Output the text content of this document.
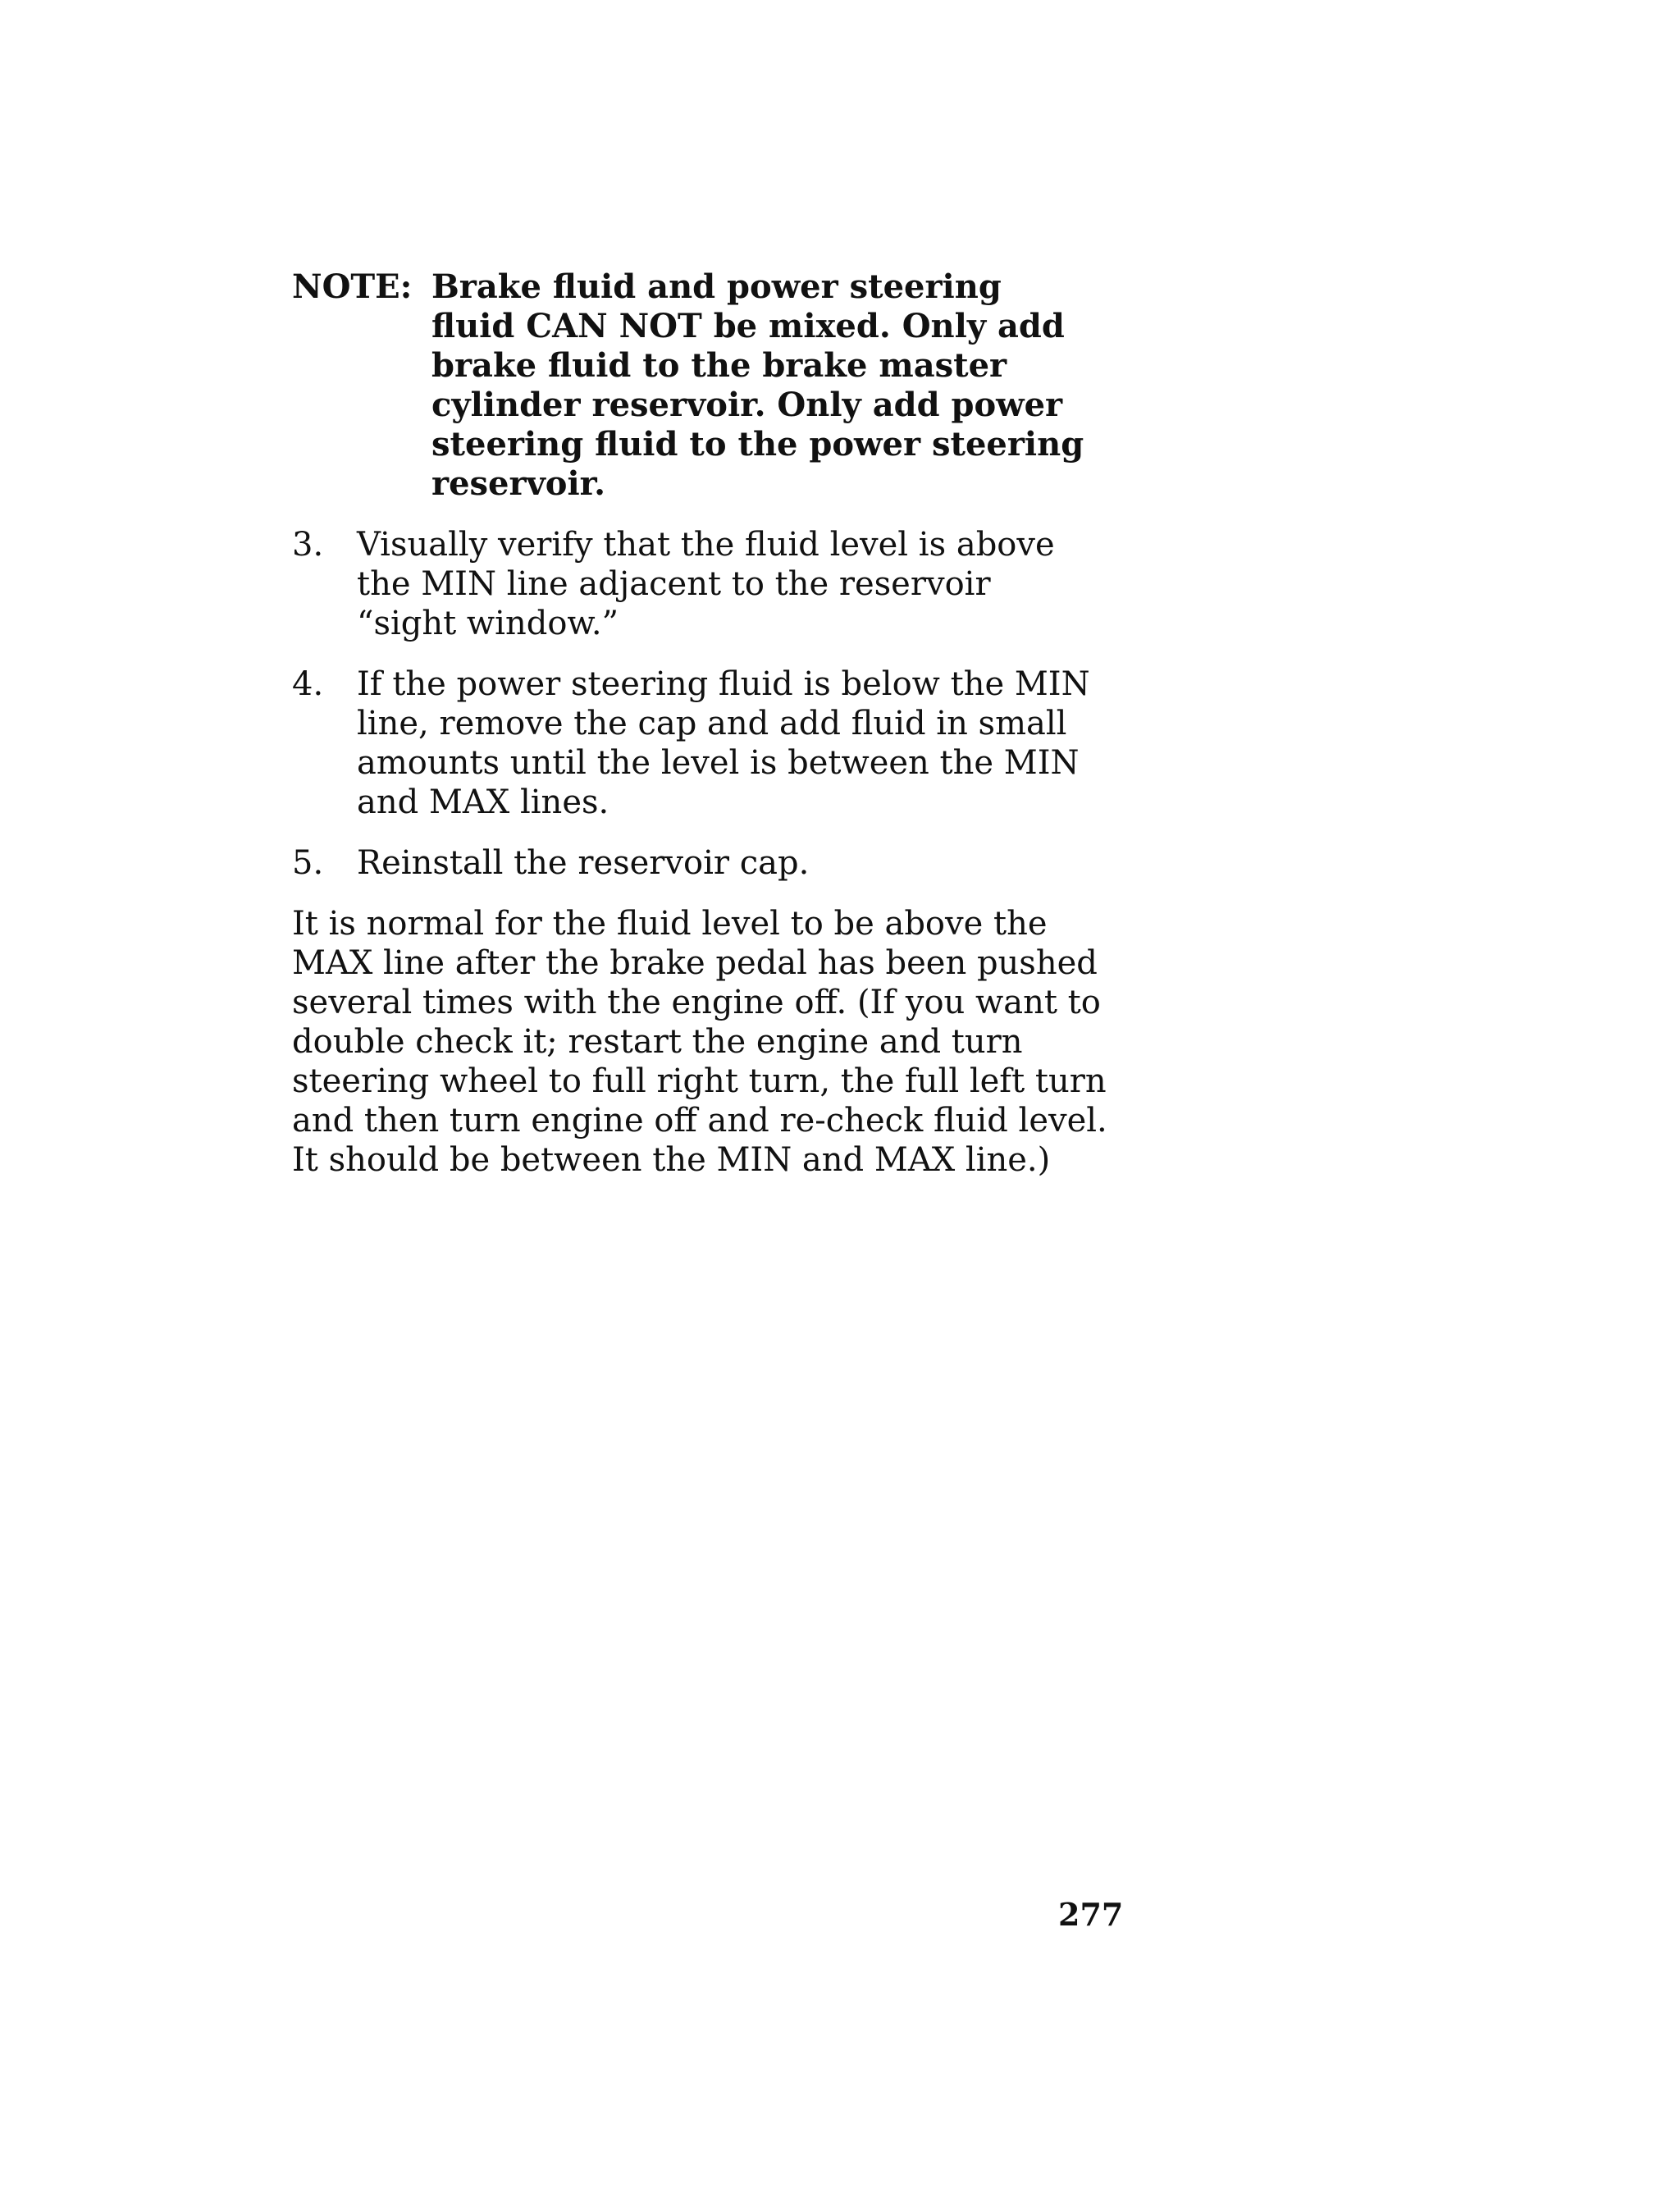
NOTE: Brake fluid and power steering fluid CAN NOT be mixed. Only add brake fluid to the brake master cylinder reservoir. Only add power steering fluid to the power steering reservoir.
3.	Visually verify that the fluid level is above the MIN line adjacent to the reservoir “sight window.”
4.	If the power steering fluid is below the MIN line, remove the cap and add fluid in small amounts until the level is between the MIN and MAX lines.
5.	Reinstall the reservoir cap.
It is normal for the fluid level to be above the MAX line after the brake pedal has been pushed several times with the engine off. (If you want to double check it; restart the engine and turn steering wheel to full right turn, the full left turn and then turn engine off and re-check fluid level. It should be between the MIN and MAX line.)
277
